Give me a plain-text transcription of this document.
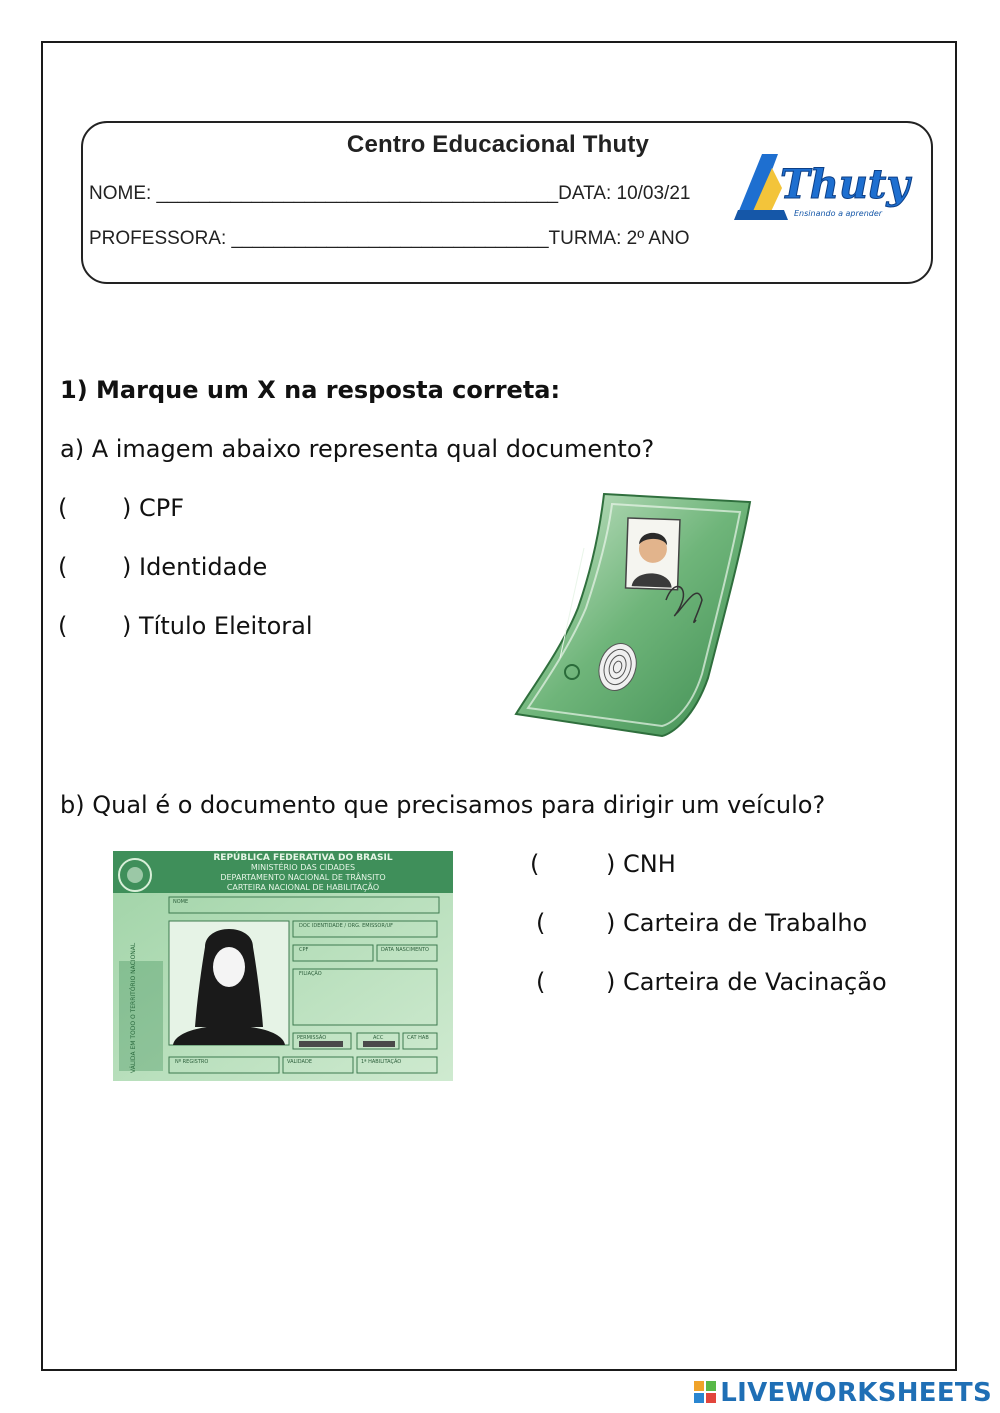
Centro Educacional Thuty
NOME: ______________________________________DATA: 10/03/21
PROFESSORA: ______________________________TURMA: 2º ANO
Thuty
Ensinando a aprender
1) Marque um X na resposta correta:
a) A imagem abaixo representa qual documento?
( ) CPF
( ) Identidade
( ) Título Eleitoral
b) Qual é o documento que precisamos para dirigir um veículo?
(	) CNH
(	) Carteira de Trabalho
(	) Carteira de Vacinação
REPÚBLICA FEDERATIVA DO BRASIL
MINISTÉRIO DAS CIDADES
DEPARTAMENTO NACIONAL DE TRÂNSITO
CARTEIRA NACIONAL DE HABILITAÇÃO
VÁLIDA EM TODO O TERRITÓRIO NACIONAL
NOME
DOC IDENTIDADE / ORG. EMISSOR/UF
CPF	DATA NASCIMENTO
FILIAÇÃO
PERMISSÃO	ACC	CAT HAB
Nº REGISTRO	VALIDADE	1ª HABILITAÇÃO
LIVEWORKSHEETS
